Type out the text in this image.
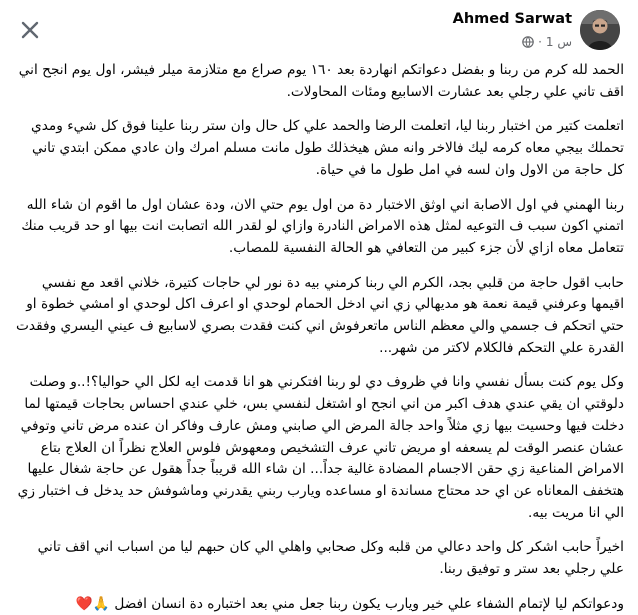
Ahmed Sarwat
· 1 س

الحمد لله كرم من ربنا و بفضل دعواتكم انهاردة بعد ١٦٠ يوم صراع مع متلازمة ميلر فيشر، اول يوم انجح اني اقف تاني علي رجلي بعد عشارت الاسابيع ومئات المحاولات.

اتعلمت كتير من اختبار ربنا ليا، اتعلمت الرضا والحمد علي كل حال وان ستر ربنا علينا فوق كل شيء ومدي تحملك بيجي معاه كرمه ليك فالاخر وانه مش هيخذلك طول مانت مسلم امرك وان عادي ممكن ابتدي تاني كل حاجة من الاول وان لسه في امل طول ما في حياة.

ربنا الهمني في اول الاصابة اني اوثق الاختبار دة من اول يوم حتي الان، ودة عشان اول ما اقوم ان شاء الله اتمني اكون سبب ف التوعيه لمثل هذه الامراض النادرة وازاي لو لقدر الله اتصابت انت بيها او حد قريب منك تتعامل معاه ازاي لأن جزء كبير من التعافي هو الحالة النفسية للمصاب.

حابب اقول حاجة من قلبي بجد، الكرم الي ربنا كرمني بيه دة نور لي حاجات كتيرة، خلاني اقعد مع نفسي اقيمها وعرفني قيمة نعمة هو مديهالي زي اني ادخل الحمام لوحدي او اعرف اكل لوحدي او امشي خطوة او حتي اتحكم ف جسمي والي معظم الناس ماتعرفوش اني كنت فقدت بصري لاسابيع ف عيني اليسري وفقدت القدرة علي التحكم فالكلام لاكتر من شهر...

وكل يوم كنت بسأل نفسي وانا في ظروف دي لو ربنا افتكرني هو انا قدمت ايه لكل الي حواليا؟!..و وصلت دلوقتي ان يقي عندي هدف اكبر من اني انجح او اشتغل لنفسي بس، خلي عندي احساس بحاجات قيمتها لما دخلت فيها وحسيت بيها زي مثلاً واحد جالة المرض الي صابني ومش عارف وفاكر ان عنده مرض تاني وتوفي عشان عنصر الوقت لم يسعفه او مريض تاني عرف التشخيص ومعهوش فلوس العلاج نظراً ان العلاج بتاع الامراض المناعية زي حقن الاجسام المضادة غالية جداً... ان شاء الله قريباً جداً هقول عن حاجة شغال عليها هتخفف المعاناه عن اي حد محتاج مساندة او مساعده ويارب ربني يقدرني وماشوفش حد يدخل ف اختبار زي الي انا مريت بيه.

اخيراً حابب اشكر كل واحد دعالي من قلبه وكل صحابي واهلي الي كان حبهم ليا من اسباب اني اقف تاني علي رجلي بعد ستر و توفيق ربنا.

ودعواتكم ليا لإتمام الشفاء علي خير ويارب يكون ربنا جعل مني بعد اختباره دة انسان افضل 🙏❤️
